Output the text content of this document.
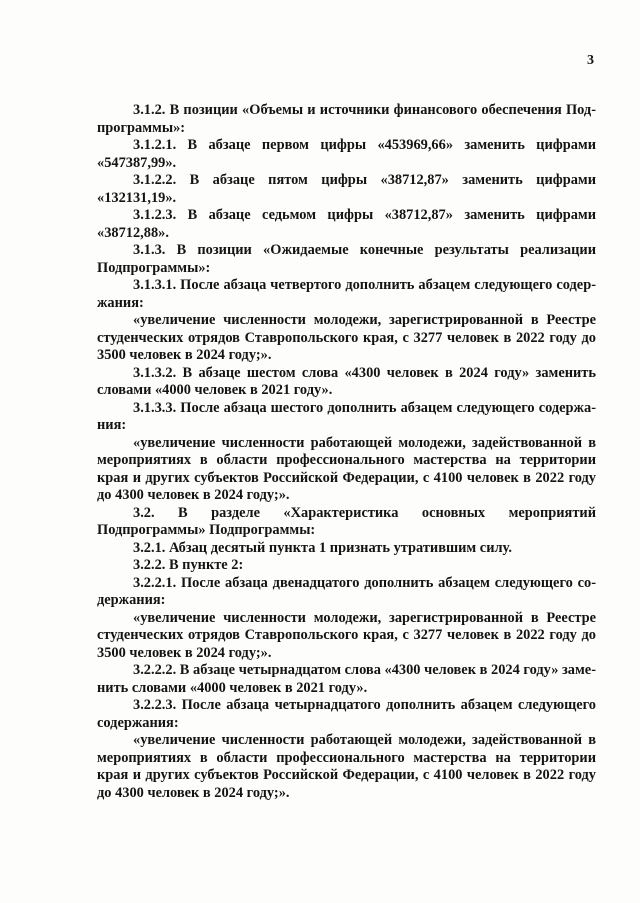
3

3.1.2. В позиции «Объемы и источники финансового обеспечения Подпрограммы»:

3.1.2.1. В абзаце первом цифры «453969,66» заменить цифрами «547387,99».

3.1.2.2. В абзаце пятом цифры «38712,87» заменить цифрами «132131,19».

3.1.2.3. В абзаце седьмом цифры «38712,87» заменить цифрами «38712,88».

3.1.3. В позиции «Ожидаемые конечные результаты реализации Подпрограммы»:

3.1.3.1. После абзаца четвертого дополнить абзацем следующего содержания:

«увеличение численности молодежи, зарегистрированной в Реестре студенческих отрядов Ставропольского края, с 3277 человек в 2022 году до 3500 человек в 2024 году;».

3.1.3.2. В абзаце шестом слова «4300 человек в 2024 году» заменить словами «4000 человек в 2021 году».

3.1.3.3. После абзаца шестого дополнить абзацем следующего содержания:

«увеличение численности работающей молодежи, задействованной в мероприятиях в области профессионального мастерства на территории края и других субъектов Российской Федерации, с 4100 человек в 2022 году до 4300 человек в 2024 году;».

3.2. В разделе «Характеристика основных мероприятий Подпрограммы» Подпрограммы:

3.2.1. Абзац десятый пункта 1 признать утратившим силу.

3.2.2. В пункте 2:

3.2.2.1. После абзаца двенадцатого дополнить абзацем следующего содержания:

«увеличение численности молодежи, зарегистрированной в Реестре студенческих отрядов Ставропольского края, с 3277 человек в 2022 году до 3500 человек в 2024 году;».

3.2.2.2. В абзаце четырнадцатом слова «4300 человек в 2024 году» заменить словами «4000 человек в 2021 году».

3.2.2.3. После абзаца четырнадцатого дополнить абзацем следующего содержания:

«увеличение численности работающей молодежи, задействованной в мероприятиях в области профессионального мастерства на территории края и других субъектов Российской Федерации, с 4100 человек в 2022 году до 4300 человек в 2024 году;».
